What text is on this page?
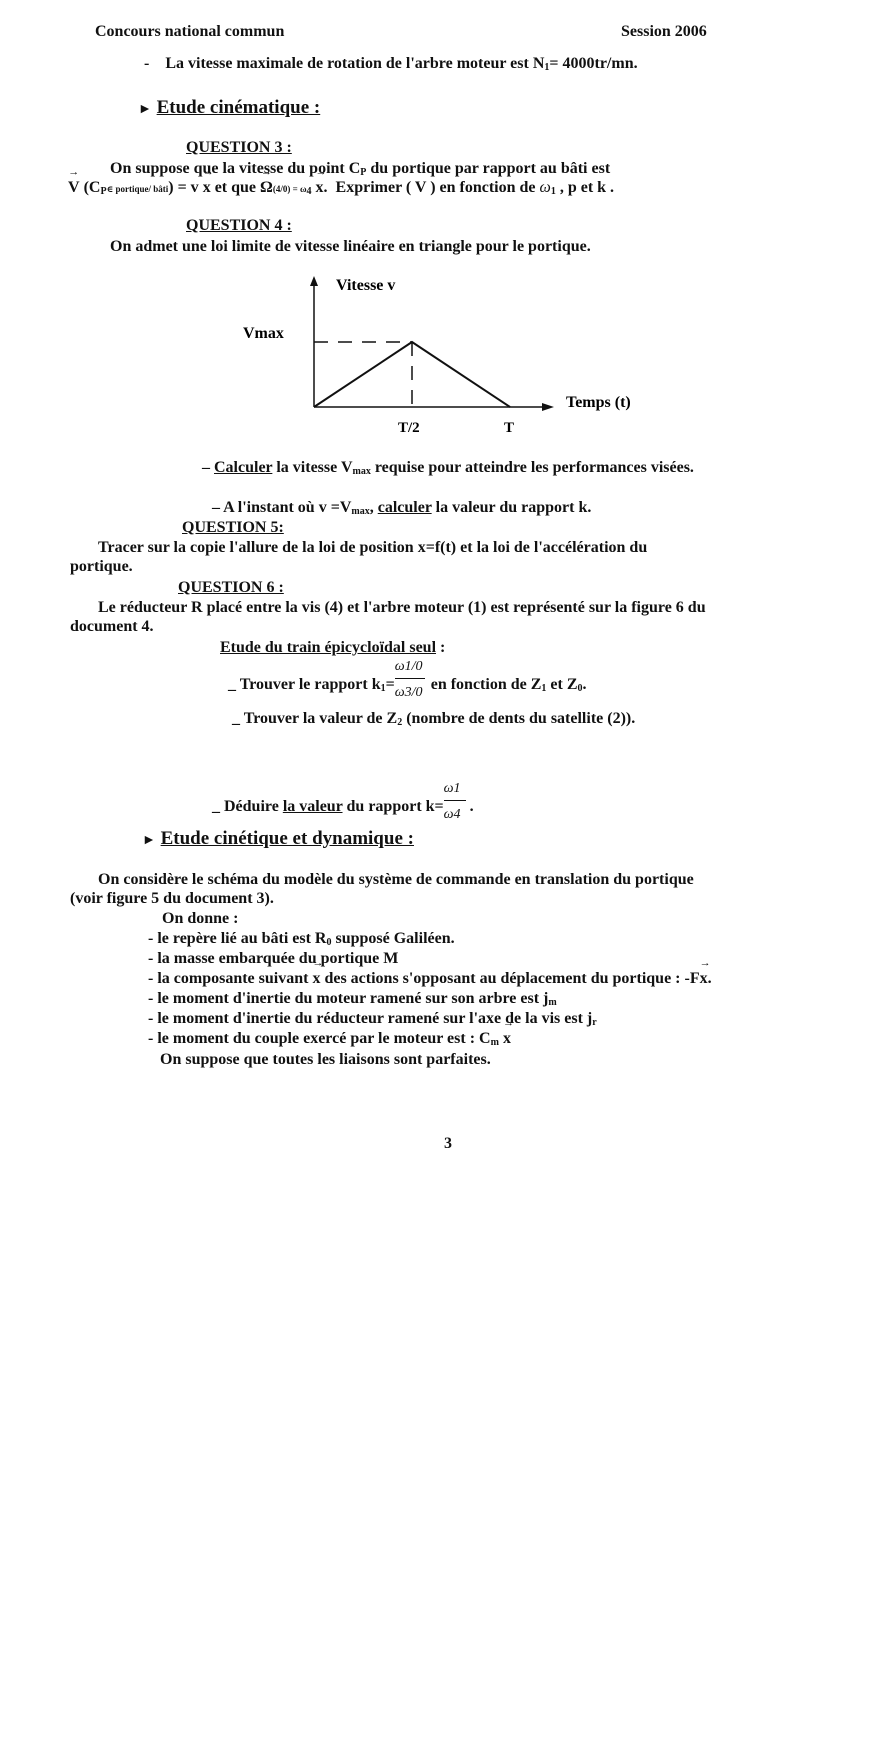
Concours national commun	Session 2006
- La vitesse maximale de rotation de l'arbre moteur est $N_1= 4000tr/mn$.
► Etude cinématique :
QUESTION 3 :
On suppose que la vitesse du point $C_P$ du portique par rapport au bâti est
→ V ($C_P\in$ portique/ bâti) = v → x et que → $\Omega(4/0) = \omega_4 \to x$. Exprimer ( V ) en fonction de $\omega_1$ , p et k .
QUESTION 4 :
On admet une loi limite de vitesse linéaire en triangle pour le portique.
Vitesse v
Temps (t)
Vmax
T/2	T
– Calculer la vitesse $V_{max}$ requise pour atteindre les performances visées.
– A l'instant où $v =V_{max}$, calculer la valeur du rapport k.
QUESTION 5:
Tracer sur la copie l'allure de la loi de position x=f(t) et la loi de l'accélération du
portique.
QUESTION 6 :
Le réducteur R placé entre la vis (4) et l'arbre moteur (1) est représenté sur la figure 6 du
document 4.
Etude du train épicycloïdal seul :
_ Trouver le rapport $k_1= \frac{\omega 1/0}{\omega 3/0}$ en fonction de $Z_1$ et $Z_0$.
_ Trouver la valeur de $Z_2$ (nombre de dents du satellite (2)).
_ Déduire la valeur du rapport $k= \frac{\omega 1}{\omega 4}$ .
► Etude cinétique et dynamique :
On considère le schéma du modèle du système de commande en translation du portique
(voir figure 5 du document 3).
On donne :
- le repère lié au bâti est $R_0$ supposé Galiléen.
- la masse embarquée du portique M
- la composante suivant → x des actions s'opposant au déplacement du portique : -F→ x.
- le moment d'inertie du moteur ramené sur son arbre est $j_m$
- le moment d'inertie du réducteur ramené sur l'axe de la vis est $j_r$
- le moment du couple exercé par le moteur est : $C_m \to x$
On suppose que toutes les liaisons sont parfaites.
3
